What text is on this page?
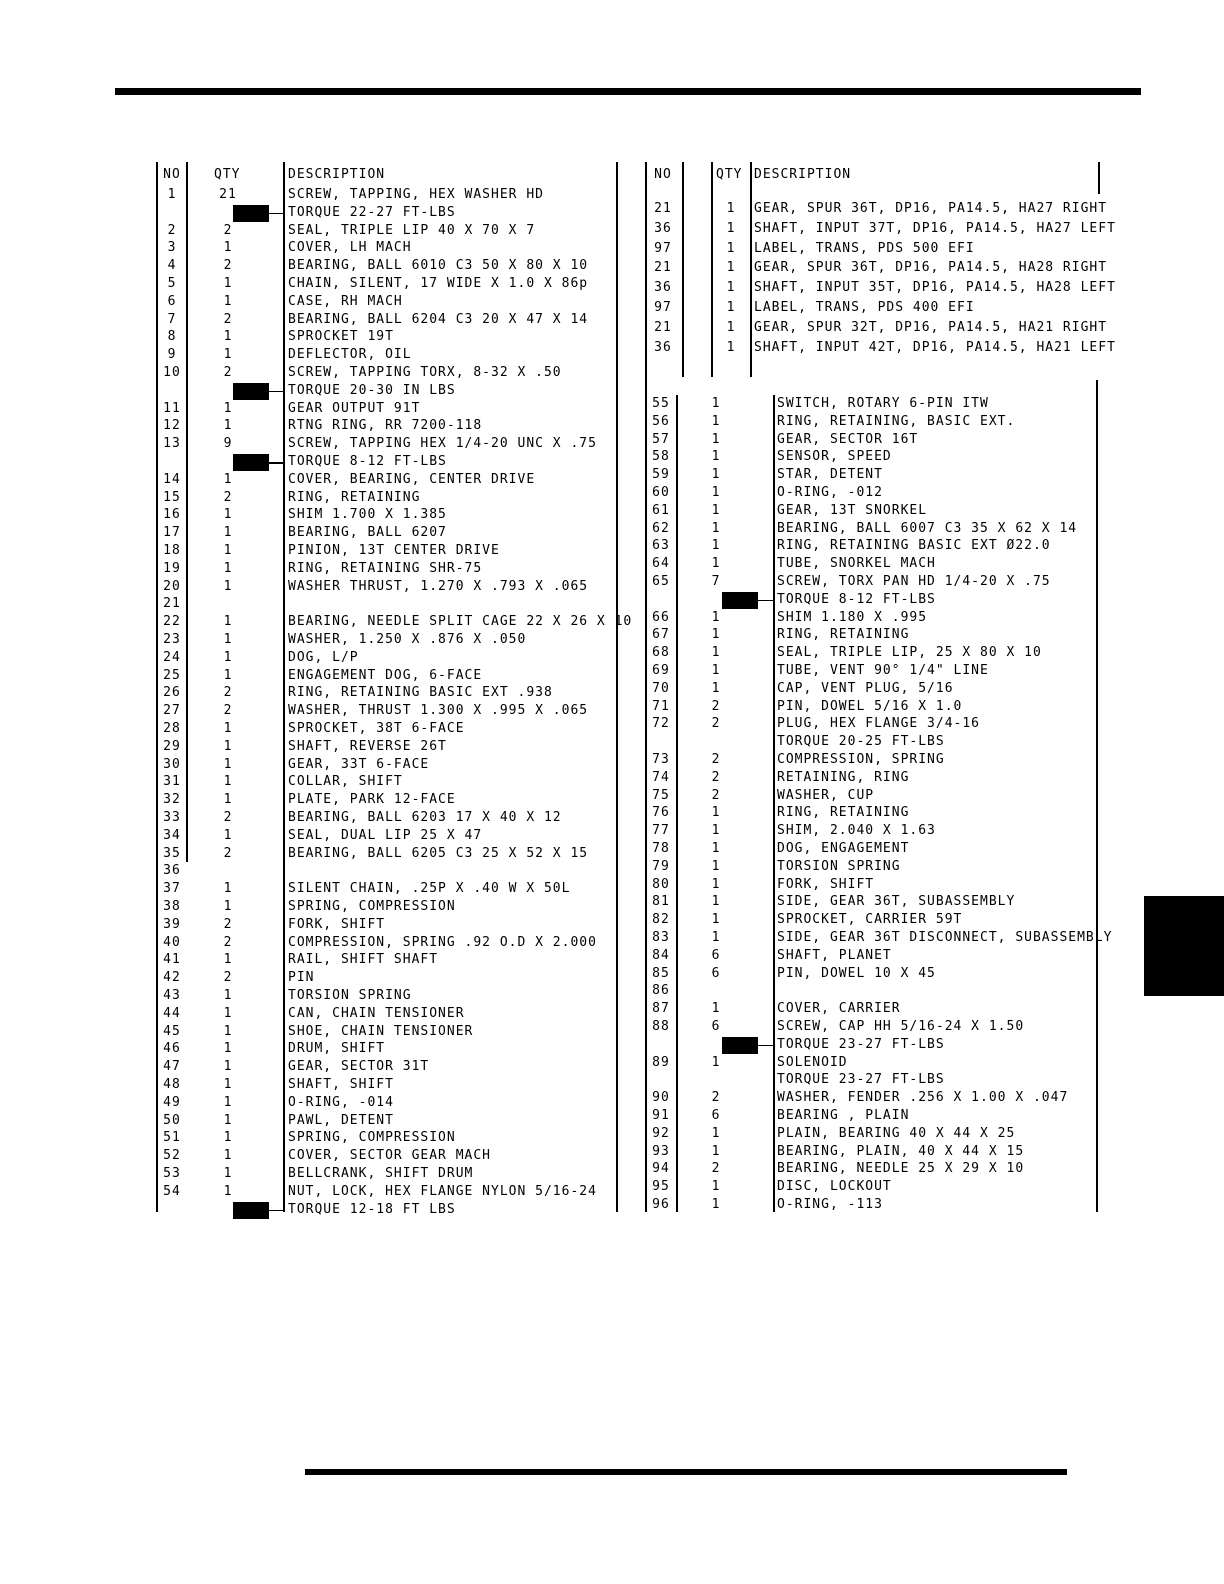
NO	QTY	DESCRIPTION
1	21	SCREW, TAPPING, HEX WASHER HD
TORQUE 22-27 FT-LBS
2	2	SEAL, TRIPLE LIP 40 X 70 X 7
3	1	COVER, LH MACH
4	2	BEARING, BALL 6010 C3 50 X 80 X 10
5	1	CHAIN, SILENT, 17 WIDE X 1.0 X 86p
6	1	CASE, RH MACH
7	2	BEARING, BALL 6204 C3 20 X 47 X 14
8	1	SPROCKET 19T
9	1	DEFLECTOR, OIL
10	2	SCREW, TAPPING TORX, 8-32 X .50
TORQUE 20-30 IN LBS
11	1	GEAR OUTPUT 91T
12	1	RTNG RING, RR 7200-118
13	9	SCREW, TAPPING HEX 1/4-20 UNC X .75
TORQUE 8-12 FT-LBS
14	1	COVER, BEARING, CENTER DRIVE
15	2	RING, RETAINING
16	1	SHIM 1.700 X 1.385
17	1	BEARING, BALL 6207
18	1	PINION, 13T CENTER DRIVE
19	1	RING, RETAINING SHR-75
20	1	WASHER THRUST, 1.270 X .793 X .065
21
22	1	BEARING, NEEDLE SPLIT CAGE 22 X 26 X 10
23	1	WASHER, 1.250 X .876 X .050
24	1	DOG, L/P
25	1	ENGAGEMENT DOG, 6-FACE
26	2	RING, RETAINING BASIC EXT .938
27	2	WASHER, THRUST 1.300 X .995 X .065
28	1	SPROCKET, 38T 6-FACE
29	1	SHAFT, REVERSE 26T
30	1	GEAR, 33T 6-FACE
31	1	COLLAR, SHIFT
32	1	PLATE, PARK 12-FACE
33	2	BEARING, BALL 6203 17 X 40 X 12
34	1	SEAL, DUAL LIP 25 X 47
35	2	BEARING, BALL 6205 C3 25 X 52 X 15
36
37	1	SILENT CHAIN, .25P X .40 W X 50L
38	1	SPRING, COMPRESSION
39	2	FORK, SHIFT
40	2	COMPRESSION, SPRING .92 O.D X 2.000
41	1	RAIL, SHIFT SHAFT
42	2	PIN
43	1	TORSION SPRING
44	1	CAN, CHAIN TENSIONER
45	1	SHOE, CHAIN TENSIONER
46	1	DRUM, SHIFT
47	1	GEAR, SECTOR 31T
48	1	SHAFT, SHIFT
49	1	O-RING, -014
50	1	PAWL, DETENT
51	1	SPRING, COMPRESSION
52	1	COVER, SECTOR GEAR MACH
53	1	BELLCRANK, SHIFT DRUM
54	1	NUT, LOCK, HEX FLANGE NYLON 5/16-24
TORQUE 12-18 FT LBS
NO	QTY DESCRIPTION
21	1	GEAR, SPUR 36T, DP16, PA14.5, HA27 RIGHT
36	1	SHAFT, INPUT 37T, DP16, PA14.5, HA27 LEFT
97	1	LABEL, TRANS, PDS 500 EFI
21	1	GEAR, SPUR 36T, DP16, PA14.5, HA28 RIGHT
36	1	SHAFT, INPUT 35T, DP16, PA14.5, HA28 LEFT
97	1	LABEL, TRANS, PDS 400 EFI
21	1	GEAR, SPUR 32T, DP16, PA14.5, HA21 RIGHT
36	1	SHAFT, INPUT 42T, DP16, PA14.5, HA21 LEFT
55	1	SWITCH, ROTARY 6-PIN ITW
56	1	RING, RETAINING, BASIC EXT.
57	1	GEAR, SECTOR 16T
58	1	SENSOR, SPEED
59	1	STAR, DETENT
60	1	O-RING, -012
61	1	GEAR, 13T SNORKEL
62	1	BEARING, BALL 6007 C3 35 X 62 X 14
63	1	RING, RETAINING BASIC EXT Ø22.0
64	1	TUBE, SNORKEL MACH
65	7	SCREW, TORX PAN HD 1/4-20 X .75
TORQUE 8-12 FT-LBS
66	1	SHIM 1.180 X .995
67	1	RING, RETAINING
68	1	SEAL, TRIPLE LIP, 25 X 80 X 10
69	1	TUBE, VENT 90° 1/4" LINE
70	1	CAP, VENT PLUG, 5/16
71	2	PIN, DOWEL 5/16 X 1.0
72	2	PLUG, HEX FLANGE 3/4-16
TORQUE 20-25 FT-LBS
73	2	COMPRESSION, SPRING
74	2	RETAINING, RING
75	2	WASHER, CUP
76	1	RING, RETAINING
77	1	SHIM, 2.040 X 1.63
78	1	DOG, ENGAGEMENT
79	1	TORSION SPRING
80	1	FORK, SHIFT
81	1	SIDE, GEAR 36T, SUBASSEMBLY
82	1	SPROCKET, CARRIER 59T
83	1	SIDE, GEAR 36T DISCONNECT, SUBASSEMBLY
84	6	SHAFT, PLANET
85	6	PIN, DOWEL 10 X 45
86
87	1	COVER, CARRIER
88	6	SCREW, CAP HH 5/16-24 X 1.50
TORQUE 23-27 FT-LBS
89	1	SOLENOID
TORQUE 23-27 FT-LBS
90	2	WASHER, FENDER .256 X 1.00 X .047
91	6	BEARING , PLAIN
92	1	PLAIN, BEARING 40 X 44 X 25
93	1	BEARING, PLAIN, 40 X 44 X 15
94	2	BEARING, NEEDLE 25 X 29 X 10
95	1	DISC, LOCKOUT
96	1	O-RING, -113
